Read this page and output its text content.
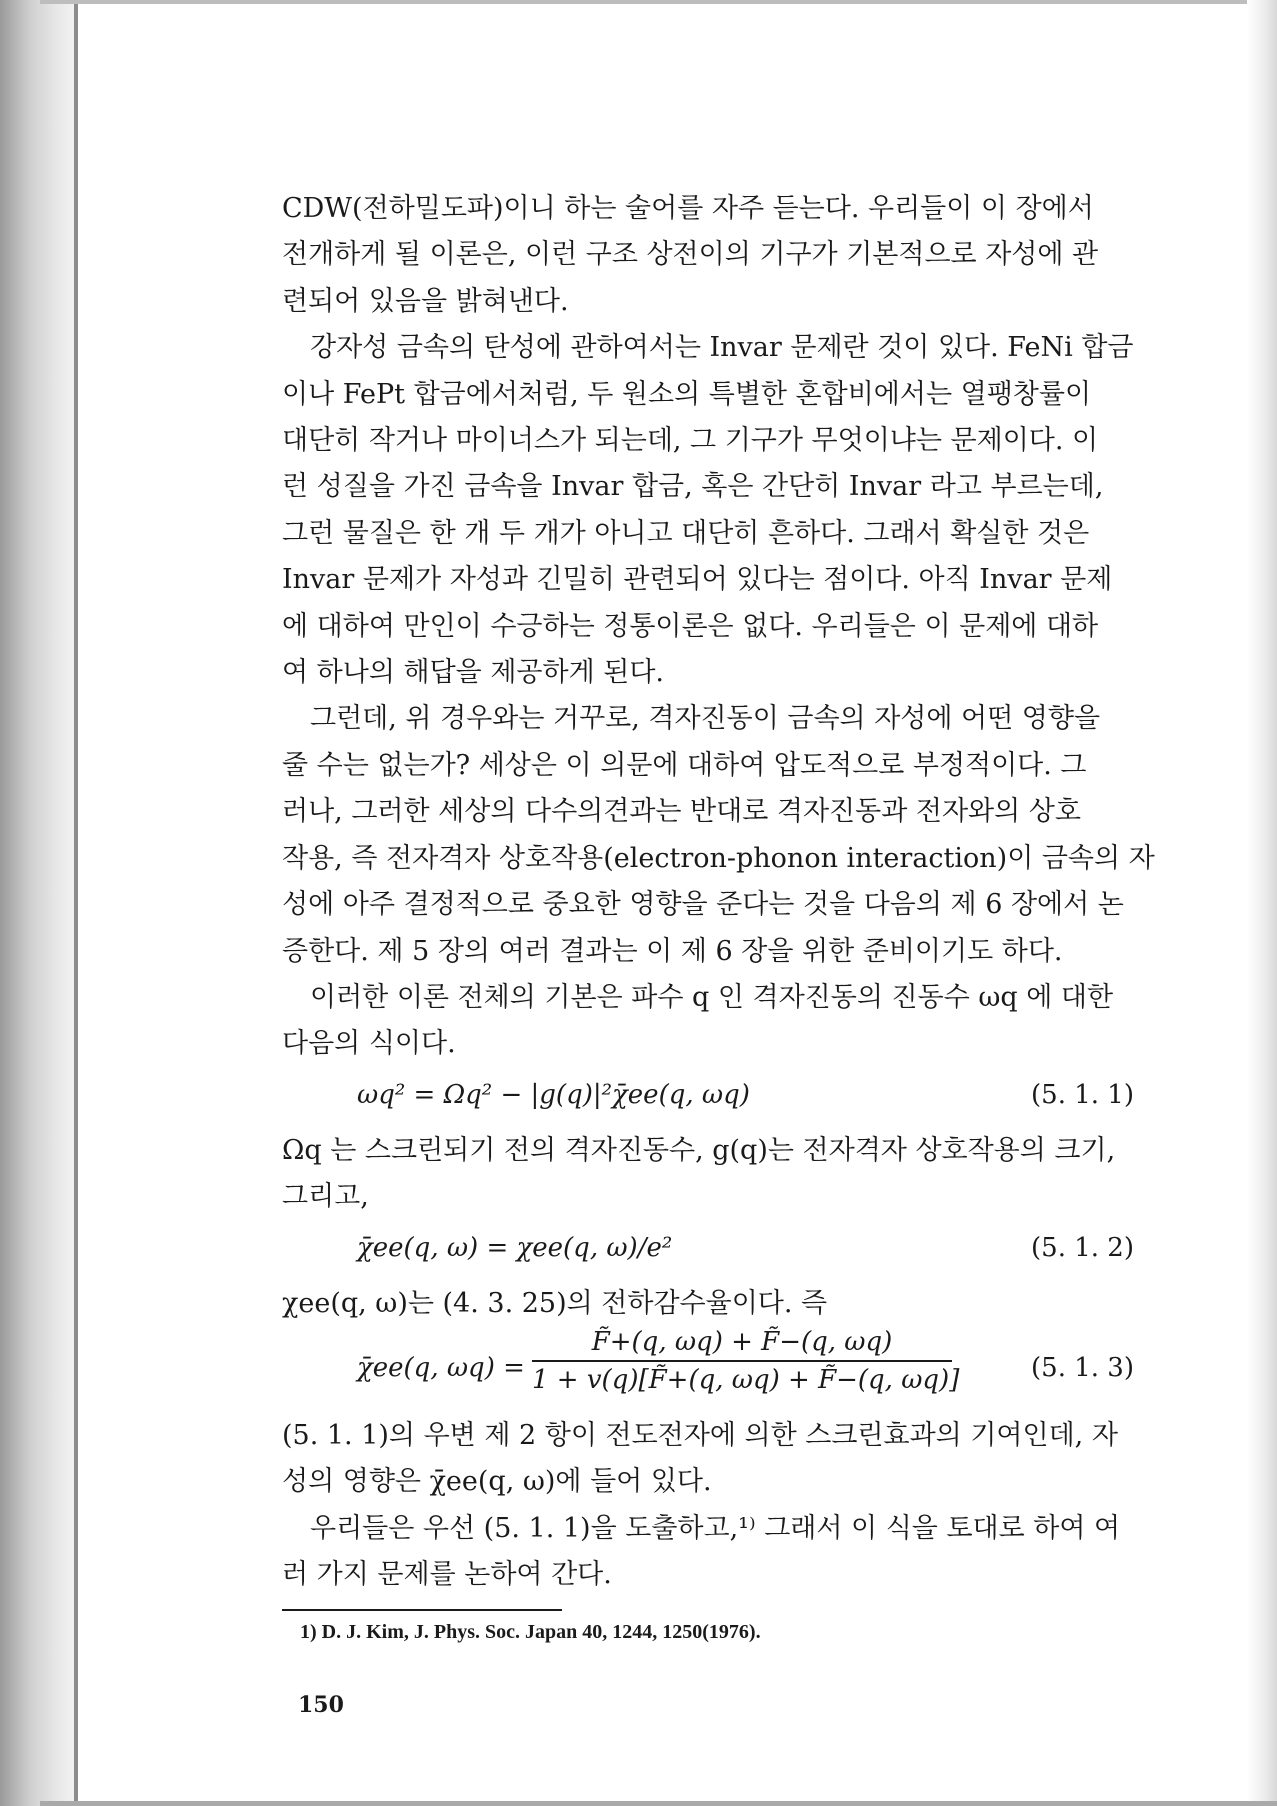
CDW(전하밀도파)이니 하는 술어를 자주 듣는다. 우리들이 이 장에서
전개하게 될 이론은, 이런 구조 상전이의 기구가 기본적으로 자성에 관
련되어 있음을 밝혀낸다.

강자성 금속의 탄성에 관하여서는 Invar 문제란 것이 있다. FeNi 합금
이나 FePt 합금에서처럼, 두 원소의 특별한 혼합비에서는 열팽창률이
대단히 작거나 마이너스가 되는데, 그 기구가 무엇이냐는 문제이다. 이
런 성질을 가진 금속을 Invar 합금, 혹은 간단히 Invar 라고 부르는데,
그런 물질은 한 개 두 개가 아니고 대단히 흔하다. 그래서 확실한 것은
Invar 문제가 자성과 긴밀히 관련되어 있다는 점이다. 아직 Invar 문제
에 대하여 만인이 수긍하는 정통이론은 없다. 우리들은 이 문제에 대하
여 하나의 해답을 제공하게 된다.

그런데, 위 경우와는 거꾸로, 격자진동이 금속의 자성에 어떤 영향을
줄 수는 없는가? 세상은 이 의문에 대하여 압도적으로 부정적이다. 그
러나, 그러한 세상의 다수의견과는 반대로 격자진동과 전자와의 상호
작용, 즉 전자격자 상호작용(electron-phonon interaction)이 금속의 자
성에 아주 결정적으로 중요한 영향을 준다는 것을 다음의 제 6 장에서 논
증한다. 제 5 장의 여러 결과는 이 제 6 장을 위한 준비이기도 하다.

이러한 이론 전체의 기본은 파수 q 인 격자진동의 진동수 ωq 에 대한
다음의 식이다.

ωq² = Ωq² − |g(q)|²χ̄ee(q, ωq)	(5. 1. 1)

Ωq 는 스크린되기 전의 격자진동수, g(q)는 전자격자 상호작용의 크기,
그리고,

χ̄ee(q, ω) = χee(q, ω)/e²	(5. 1. 2)

χee(q, ω)는 (4. 3. 25)의 전하감수율이다. 즉

χ̄ee(q, ωq) =
F̃+(q, ωq) + F̃−(q, ωq)
1 + v(q)[F̃+(q, ωq) + F̃−(q, ωq)]	(5. 1. 3)

(5. 1. 1)의 우변 제 2 항이 전도전자에 의한 스크린효과의 기여인데, 자
성의 영향은 χ̄ee(q, ω)에 들어 있다.

우리들은 우선 (5. 1. 1)을 도출하고,¹⁾ 그래서 이 식을 토대로 하여 여
러 가지 문제를 논하여 간다.

1) D. J. Kim, J. Phys. Soc. Japan 40, 1244, 1250(1976).
150
